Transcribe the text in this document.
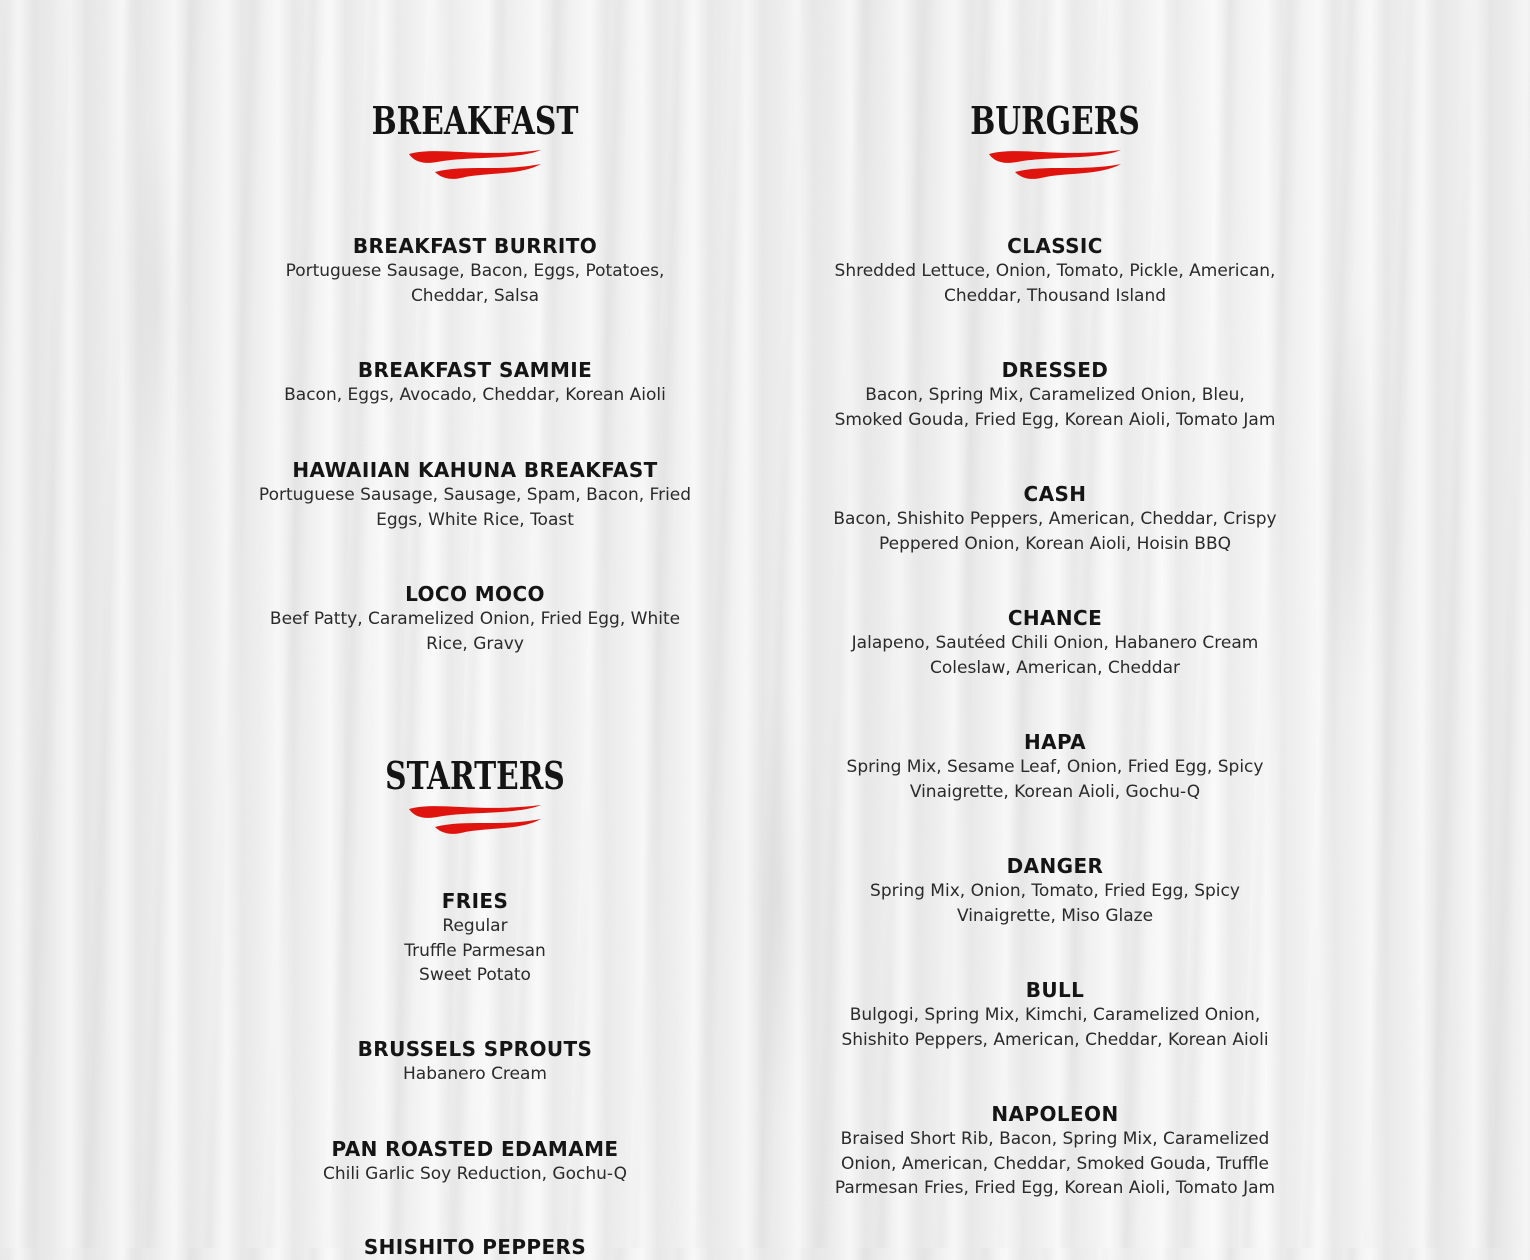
BREAKFAST
BREAKFAST BURRITO
Portuguese Sausage, Bacon, Eggs, Potatoes, Cheddar, Salsa
BREAKFAST SAMMIE
Bacon, Eggs, Avocado, Cheddar, Korean Aioli
HAWAIIAN KAHUNA BREAKFAST
Portuguese Sausage, Sausage, Spam, Bacon, Fried Eggs, White Rice, Toast
LOCO MOCO
Beef Patty, Caramelized Onion, Fried Egg, White Rice, Gravy
STARTERS
FRIES
Regular
Truffle Parmesan
Sweet Potato
BRUSSELS SPROUTS
Habanero Cream
PAN ROASTED EDAMAME
Chili Garlic Soy Reduction, Gochu-Q
SHISHITO PEPPERS
BURGERS
CLASSIC
Shredded Lettuce, Onion, Tomato, Pickle, American, Cheddar, Thousand Island
DRESSED
Bacon, Spring Mix, Caramelized Onion, Bleu, Smoked Gouda, Fried Egg, Korean Aioli, Tomato Jam
CASH
Bacon, Shishito Peppers, American, Cheddar, Crispy Peppered Onion, Korean Aioli, Hoisin BBQ
CHANCE
Jalapeno, Sautéed Chili Onion, Habanero Cream Coleslaw, American, Cheddar
HAPA
Spring Mix, Sesame Leaf, Onion, Fried Egg, Spicy Vinaigrette, Korean Aioli, Gochu-Q
DANGER
Spring Mix, Onion, Tomato, Fried Egg, Spicy Vinaigrette, Miso Glaze
BULL
Bulgogi, Spring Mix, Kimchi, Caramelized Onion, Shishito Peppers, American, Cheddar, Korean Aioli
NAPOLEON
Braised Short Rib, Bacon, Spring Mix, Caramelized Onion, American, Cheddar, Smoked Gouda, Truffle Parmesan Fries, Fried Egg, Korean Aioli, Tomato Jam
